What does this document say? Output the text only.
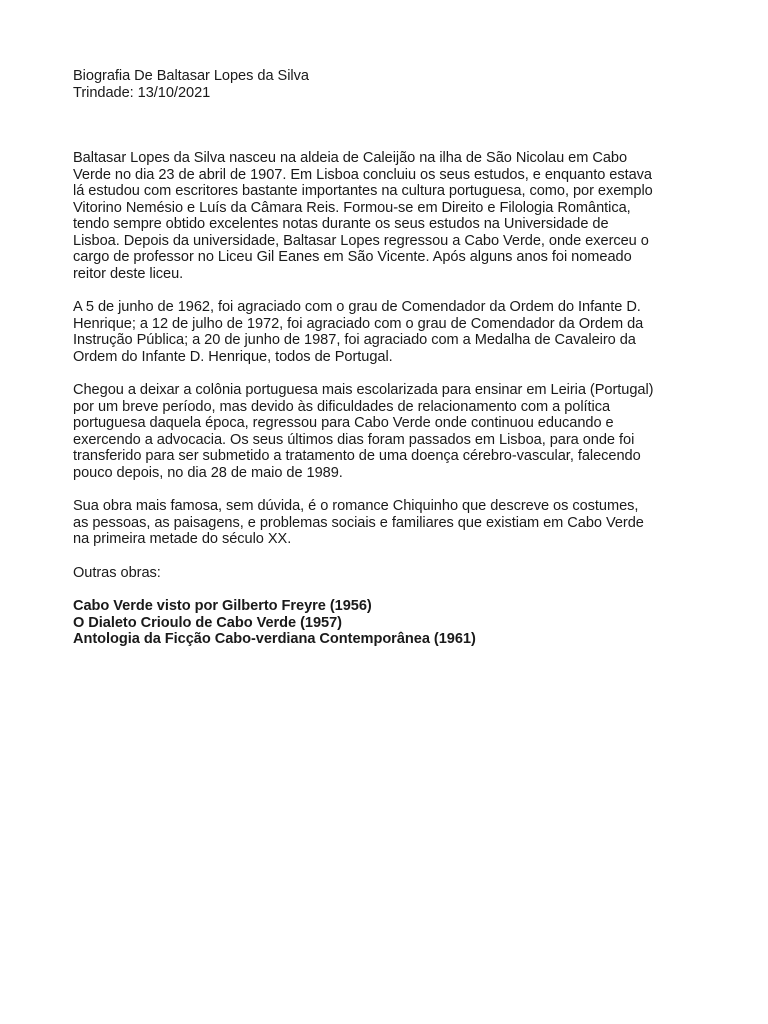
Biografia De Baltasar Lopes da Silva

Trindade: 13/10/2021

Baltasar Lopes da Silva nasceu na aldeia de Caleijão na ilha de São Nicolau em Cabo
Verde no dia 23 de abril de 1907. Em Lisboa concluiu os seus estudos, e enquanto estava
lá estudou com escritores bastante importantes na cultura portuguesa, como, por exemplo
Vitorino Nemésio e Luís da Câmara Reis. Formou-se em Direito e Filologia Romântica,
tendo sempre obtido excelentes notas durante os seus estudos na Universidade de
Lisboa. Depois da universidade, Baltasar Lopes regressou a Cabo Verde, onde exerceu o
cargo de professor no Liceu Gil Eanes em São Vicente. Após alguns anos foi nomeado
reitor deste liceu.

A 5 de junho de 1962, foi agraciado com o grau de Comendador da Ordem do Infante D.
Henrique; a 12 de julho de 1972, foi agraciado com o grau de Comendador da Ordem da
Instrução Pública; a 20 de junho de 1987, foi agraciado com a Medalha de Cavaleiro da
Ordem do Infante D. Henrique, todos de Portugal.

Chegou a deixar a colônia portuguesa mais escolarizada para ensinar em Leiria (Portugal)
por um breve período, mas devido às dificuldades de relacionamento com a política
portuguesa daquela época, regressou para Cabo Verde onde continuou educando e
exercendo a advocacia. Os seus últimos dias foram passados em Lisboa, para onde foi
transferido para ser submetido a tratamento de uma doença cérebro-vascular, falecendo
pouco depois, no dia 28 de maio de 1989.

Sua obra mais famosa, sem dúvida, é o romance Chiquinho que descreve os costumes,
as pessoas, as paisagens, e problemas sociais e familiares que existiam em Cabo Verde
na primeira metade do século XX.

Outras obras:

Cabo Verde visto por Gilberto Freyre (1956)
O Dialeto Crioulo de Cabo Verde (1957)
Antologia da Ficção Cabo-verdiana Contemporânea (1961)
